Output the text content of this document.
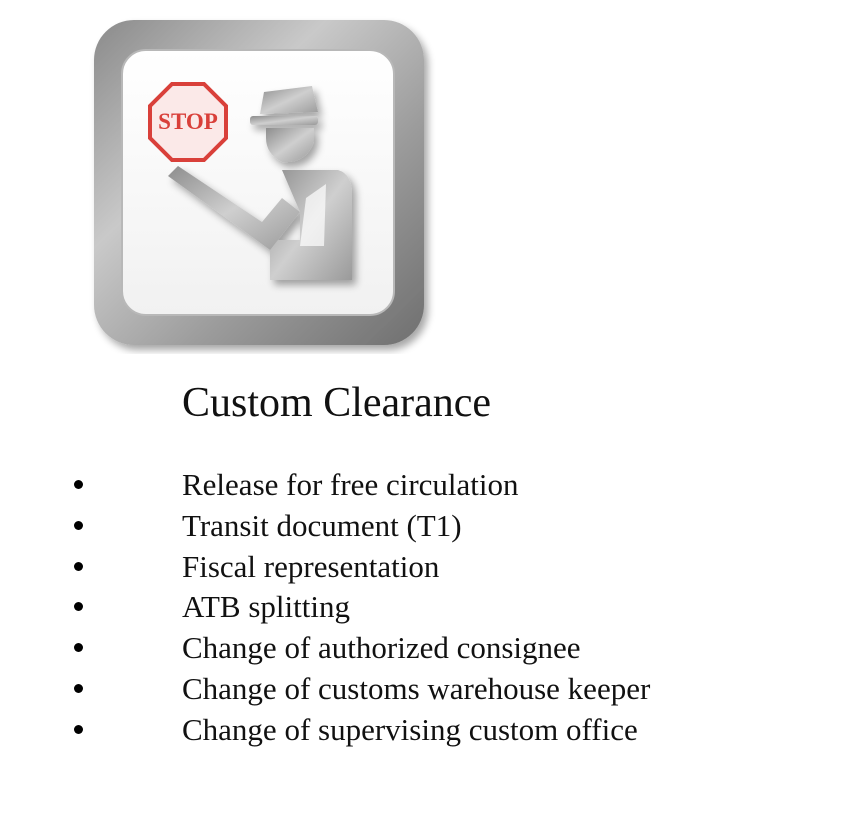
STOP
Custom Clearance
Release for free circulation
Transit document (T1)
Fiscal representation
ATB splitting
Change of authorized consignee
Change of customs warehouse keeper
Change of supervising custom office
